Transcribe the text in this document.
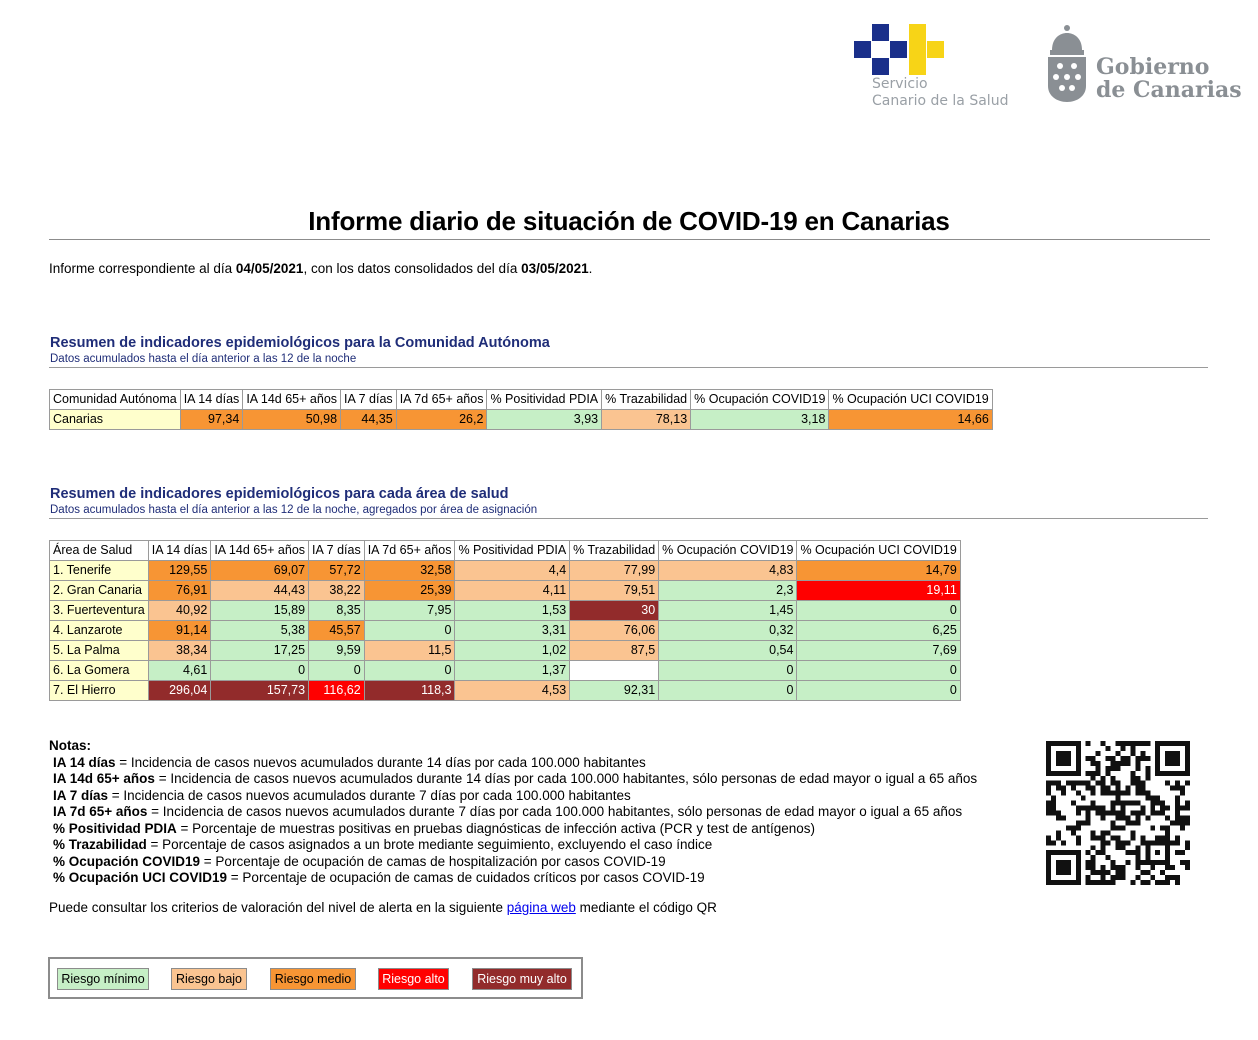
Servicio
Canario de la Salud
Gobierno
de Canarias
Informe diario de situación de COVID-19 en Canarias
Informe correspondiente al día 04/05/2021, con los datos consolidados del día 03/05/2021.
Resumen de indicadores epidemiológicos para la Comunidad Autónoma
Datos acumulados hasta el día anterior a las 12 de la noche
Comunidad Autónoma	IA 14 días	IA 14d 65+ años	IA 7 días	IA 7d 65+ años	% Positividad PDIA	% Trazabilidad	% Ocupación COVID19	% Ocupación UCI COVID19
Canarias	97,34	50,98	44,35	26,2	3,93	78,13	3,18	14,66
Resumen de indicadores epidemiológicos para cada área de salud
Datos acumulados hasta el día anterior a las 12 de la noche, agregados por área de asignación
Área de Salud	IA 14 días	IA 14d 65+ años	IA 7 días	IA 7d 65+ años	% Positividad PDIA	% Trazabilidad	% Ocupación COVID19	% Ocupación UCI COVID19
1. Tenerife	129,55	69,07	57,72	32,58	4,4	77,99	4,83	14,79
2. Gran Canaria	76,91	44,43	38,22	25,39	4,11	79,51	2,3	19,11
3. Fuerteventura	40,92	15,89	8,35	7,95	1,53	30	1,45	0
4. Lanzarote	91,14	5,38	45,57	0	3,31	76,06	0,32	6,25
5. La Palma	38,34	17,25	9,59	11,5	1,02	87,5	0,54	7,69
6. La Gomera	4,61	0	0	0	1,37		0	0
7. El Hierro	296,04	157,73	116,62	118,3	4,53	92,31	0	0
Notas:
IA 14 días = Incidencia de casos nuevos acumulados durante 14 días por cada 100.000 habitantes
IA 14d 65+ años = Incidencia de casos nuevos acumulados durante 14 días por cada 100.000 habitantes, sólo personas de edad mayor o igual a 65 años
IA 7 días = Incidencia de casos nuevos acumulados durante 7 días por cada 100.000 habitantes
IA 7d 65+ años = Incidencia de casos nuevos acumulados durante 7 días por cada 100.000 habitantes, sólo personas de edad mayor o igual a 65 años
% Positividad PDIA = Porcentaje de muestras positivas en pruebas diagnósticas de infección activa (PCR y test de antígenos)
% Trazabilidad = Porcentaje de casos asignados a un brote mediante seguimiento, excluyendo el caso índice
% Ocupación COVID19 = Porcentaje de ocupación de camas de hospitalización por casos COVID-19
% Ocupación UCI COVID19 = Porcentaje de ocupación de camas de cuidados críticos por casos COVID-19
Puede consultar los criterios de valoración del nivel de alerta en la siguiente página web mediante el código QR
Riesgo mínimo	Riesgo bajo	Riesgo medio	Riesgo alto	Riesgo muy alto
